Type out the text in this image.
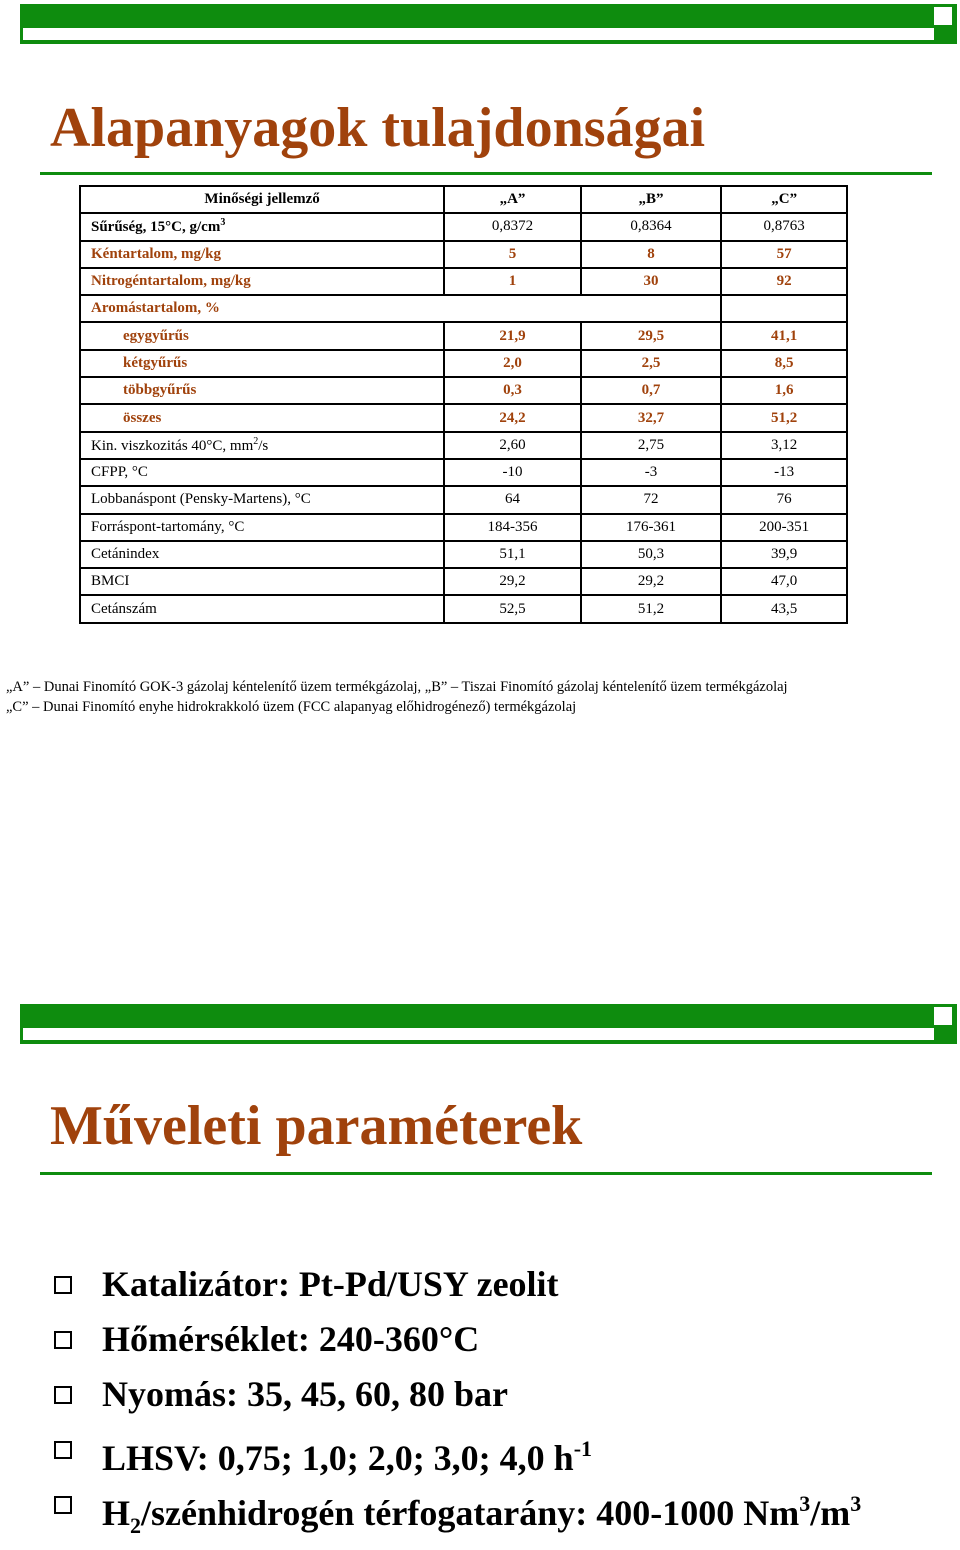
Alapanyagok tulajdonságai
Minőségi jellemző	„A”	„B”	„C”
Sűrűség, 15°C, $g/cm^3$	0,8372	0,8364	0,8763
Kéntartalom, mg/kg	5	8	57
Nitrogéntartalom, mg/kg	1	30	92
Aromástartalom, %			
egygyűrűs	21,9	29,5	41,1
kétgyűrűs	2,0	2,5	8,5
többgyűrűs	0,3	0,7	1,6
összes	24,2	32,7	51,2
Kin. viszkozitás 40°C, $mm^2/s$	2,60	2,75	3,12
CFPP, °C	-10	-3	-13
Lobbanáspont (Pensky-Martens), °C	64	72	76
Forráspont-tartomány, °C	184-356	176-361	200-351
Cetánindex	51,1	50,3	39,9
BMCI	29,2	29,2	47,0
Cetánszám	52,5	51,2	43,5
„A” – Dunai Finomító GOK-3 gázolaj kéntelenítő üzem termékgázolaj, „B” – Tiszai Finomító gázolaj kéntelenítő üzem termékgázolaj
„C” – Dunai Finomító enyhe hidrokrakkoló üzem (FCC alapanyag előhidrogénező) termékgázolaj
Műveleti paraméterek
Katalizátor: Pt-Pd/USY zeolit
Hőmérséklet: 240-360°C
Nyomás: 35, 45, 60, 80 bar
LHSV: 0,75; 1,0; 2,0; 3,0; 4,0 $h^{-1}$
$H_2$/szénhidrogén térfogatarány: 400-1000 $Nm^3/m^3$
